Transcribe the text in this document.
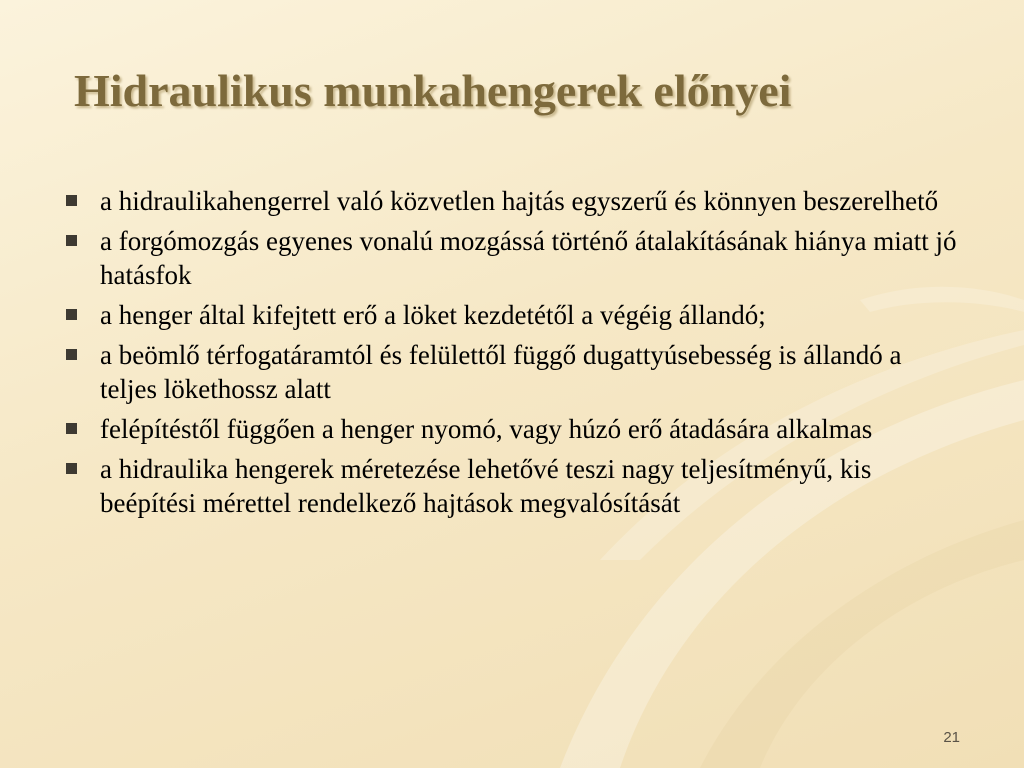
Hidraulikus munkahengerek előnyei
a hidraulikahengerrel való közvetlen hajtás egyszerű és könnyen beszerelhető
a forgómozgás egyenes vonalú mozgássá történő átalakításának hiánya miatt jó hatásfok
a henger által kifejtett erő a löket kezdetétől a végéig állandó;
a beömlő térfogatáramtól és felülettől függő dugattyúsebesség is állandó a teljes lökethossz alatt
felépítéstől függően a henger nyomó, vagy húzó erő átadására alkalmas
a hidraulika hengerek méretezése lehetővé teszi nagy teljesítményű, kis beépítési mérettel rendelkező hajtások megvalósítását
21
